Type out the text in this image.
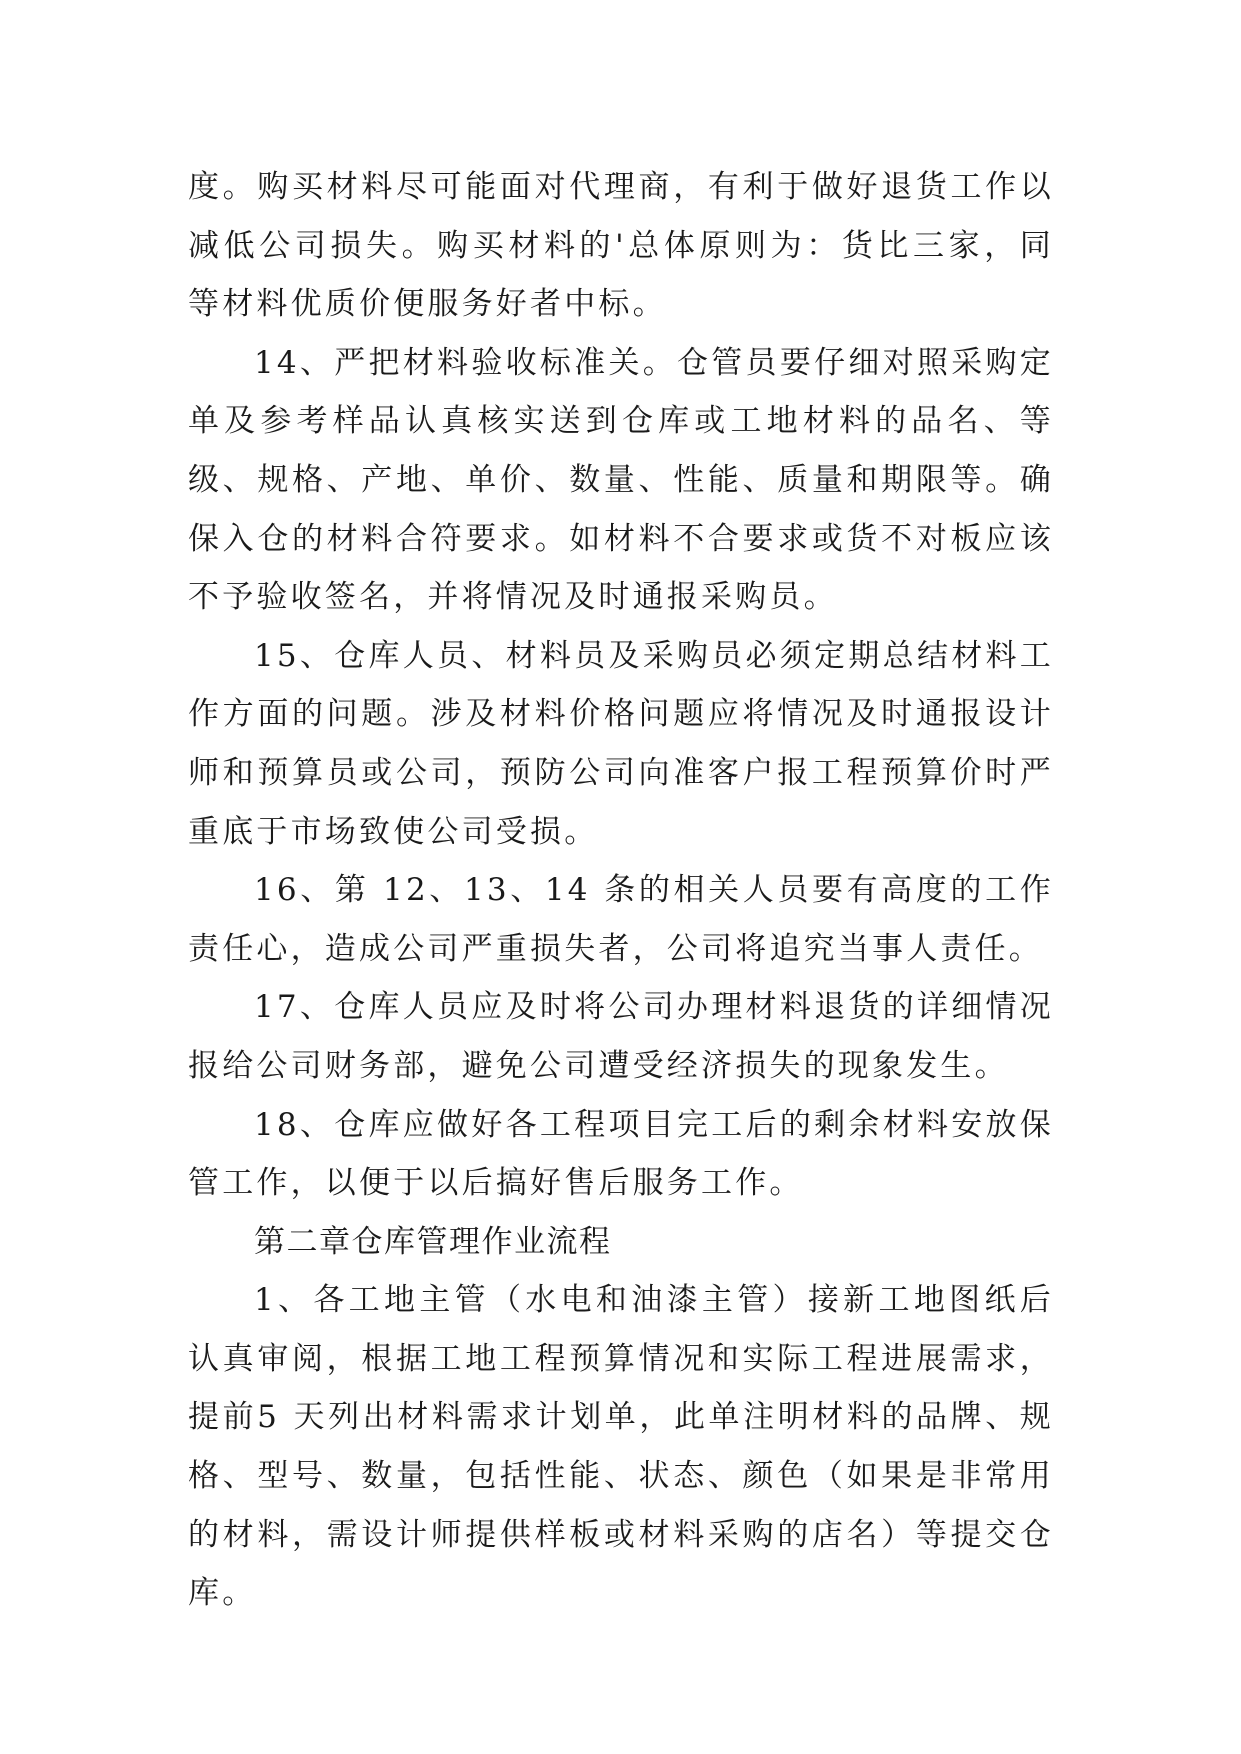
度。购买材料尽可能面对代理商，有利于做好退货工作以减低公司损失。购买材料的'总体原则为：货比三家，同等材料优质价便服务好者中标。

14、严把材料验收标准关。仓管员要仔细对照采购定单及参考样品认真核实送到仓库或工地材料的品名、等级、规格、产地、单价、数量、性能、质量和期限等。确保入仓的材料合符要求。如材料不合要求或货不对板应该不予验收签名，并将情况及时通报采购员。

15、仓库人员、材料员及采购员必须定期总结材料工作方面的问题。涉及材料价格问题应将情况及时通报设计师和预算员或公司，预防公司向准客户报工程预算价时严重底于市场致使公司受损。

16、第 12、13、14 条的相关人员要有高度的工作责任心，造成公司严重损失者，公司将追究当事人责任。

17、仓库人员应及时将公司办理材料退货的详细情况报给公司财务部，避免公司遭受经济损失的现象发生。

18、仓库应做好各工程项目完工后的剩余材料安放保管工作，以便于以后搞好售后服务工作。

第二章仓库管理作业流程

1、各工地主管（水电和油漆主管）接新工地图纸后认真审阅，根据工地工程预算情况和实际工程进展需求，提前5 天列出材料需求计划单，此单注明材料的品牌、规格、型号、数量，包括性能、状态、颜色（如果是非常用的材料，需设计师提供样板或材料采购的店名）等提交仓库。
